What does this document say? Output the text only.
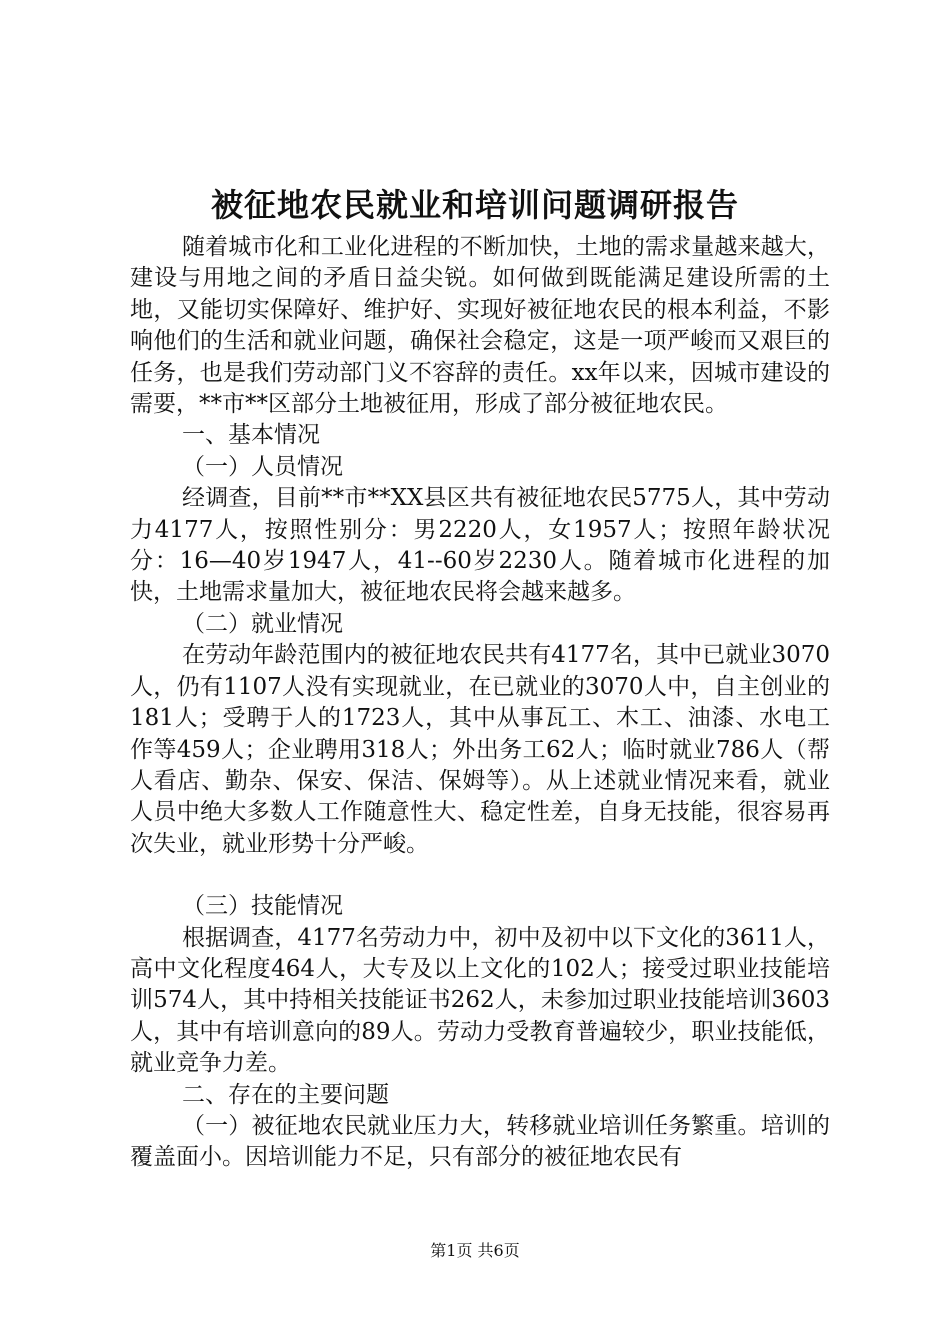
被征地农民就业和培训问题调研报告

随着城市化和工业化进程的不断加快，土地的需求量越来越大，建设与用地之间的矛盾日益尖锐。如何做到既能满足建设所需的土地，又能切实保障好、维护好、实现好被征地农民的根本利益，不影响他们的生活和就业问题，确保社会稳定，这是一项严峻而又艰巨的任务，也是我们劳动部门义不容辞的责任。xx年以来，因城市建设的需要，**市**区部分土地被征用，形成了部分被征地农民。

一、基本情况

（一）人员情况

经调查，目前**市**XX县区共有被征地农民5775人，其中劳动力4177人，按照性别分：男2220人，女1957人；按照年龄状况分：16—40岁1947人，41--60岁2230人。随着城市化进程的加快，土地需求量加大，被征地农民将会越来越多。

（二）就业情况

在劳动年龄范围内的被征地农民共有4177名，其中已就业3070人，仍有1107人没有实现就业，在已就业的3070人中，自主创业的181人；受聘于人的1723人，其中从事瓦工、木工、油漆、水电工作等459人；企业聘用318人；外出务工62人；临时就业786人（帮人看店、勤杂、保安、保洁、保姆等）。从上述就业情况来看，就业人员中绝大多数人工作随意性大、稳定性差，自身无技能，很容易再次失业，就业形势十分严峻。

（三）技能情况

根据调查，4177名劳动力中，初中及初中以下文化的3611人，高中文化程度464人，大专及以上文化的102人；接受过职业技能培训574人，其中持相关技能证书262人，未参加过职业技能培训3603人，其中有培训意向的89人。劳动力受教育普遍较少，职业技能低，就业竞争力差。

二、存在的主要问题

（一）被征地农民就业压力大，转移就业培训任务繁重。培训的覆盖面小。因培训能力不足，只有部分的被征地农民有

第1页 共6页
